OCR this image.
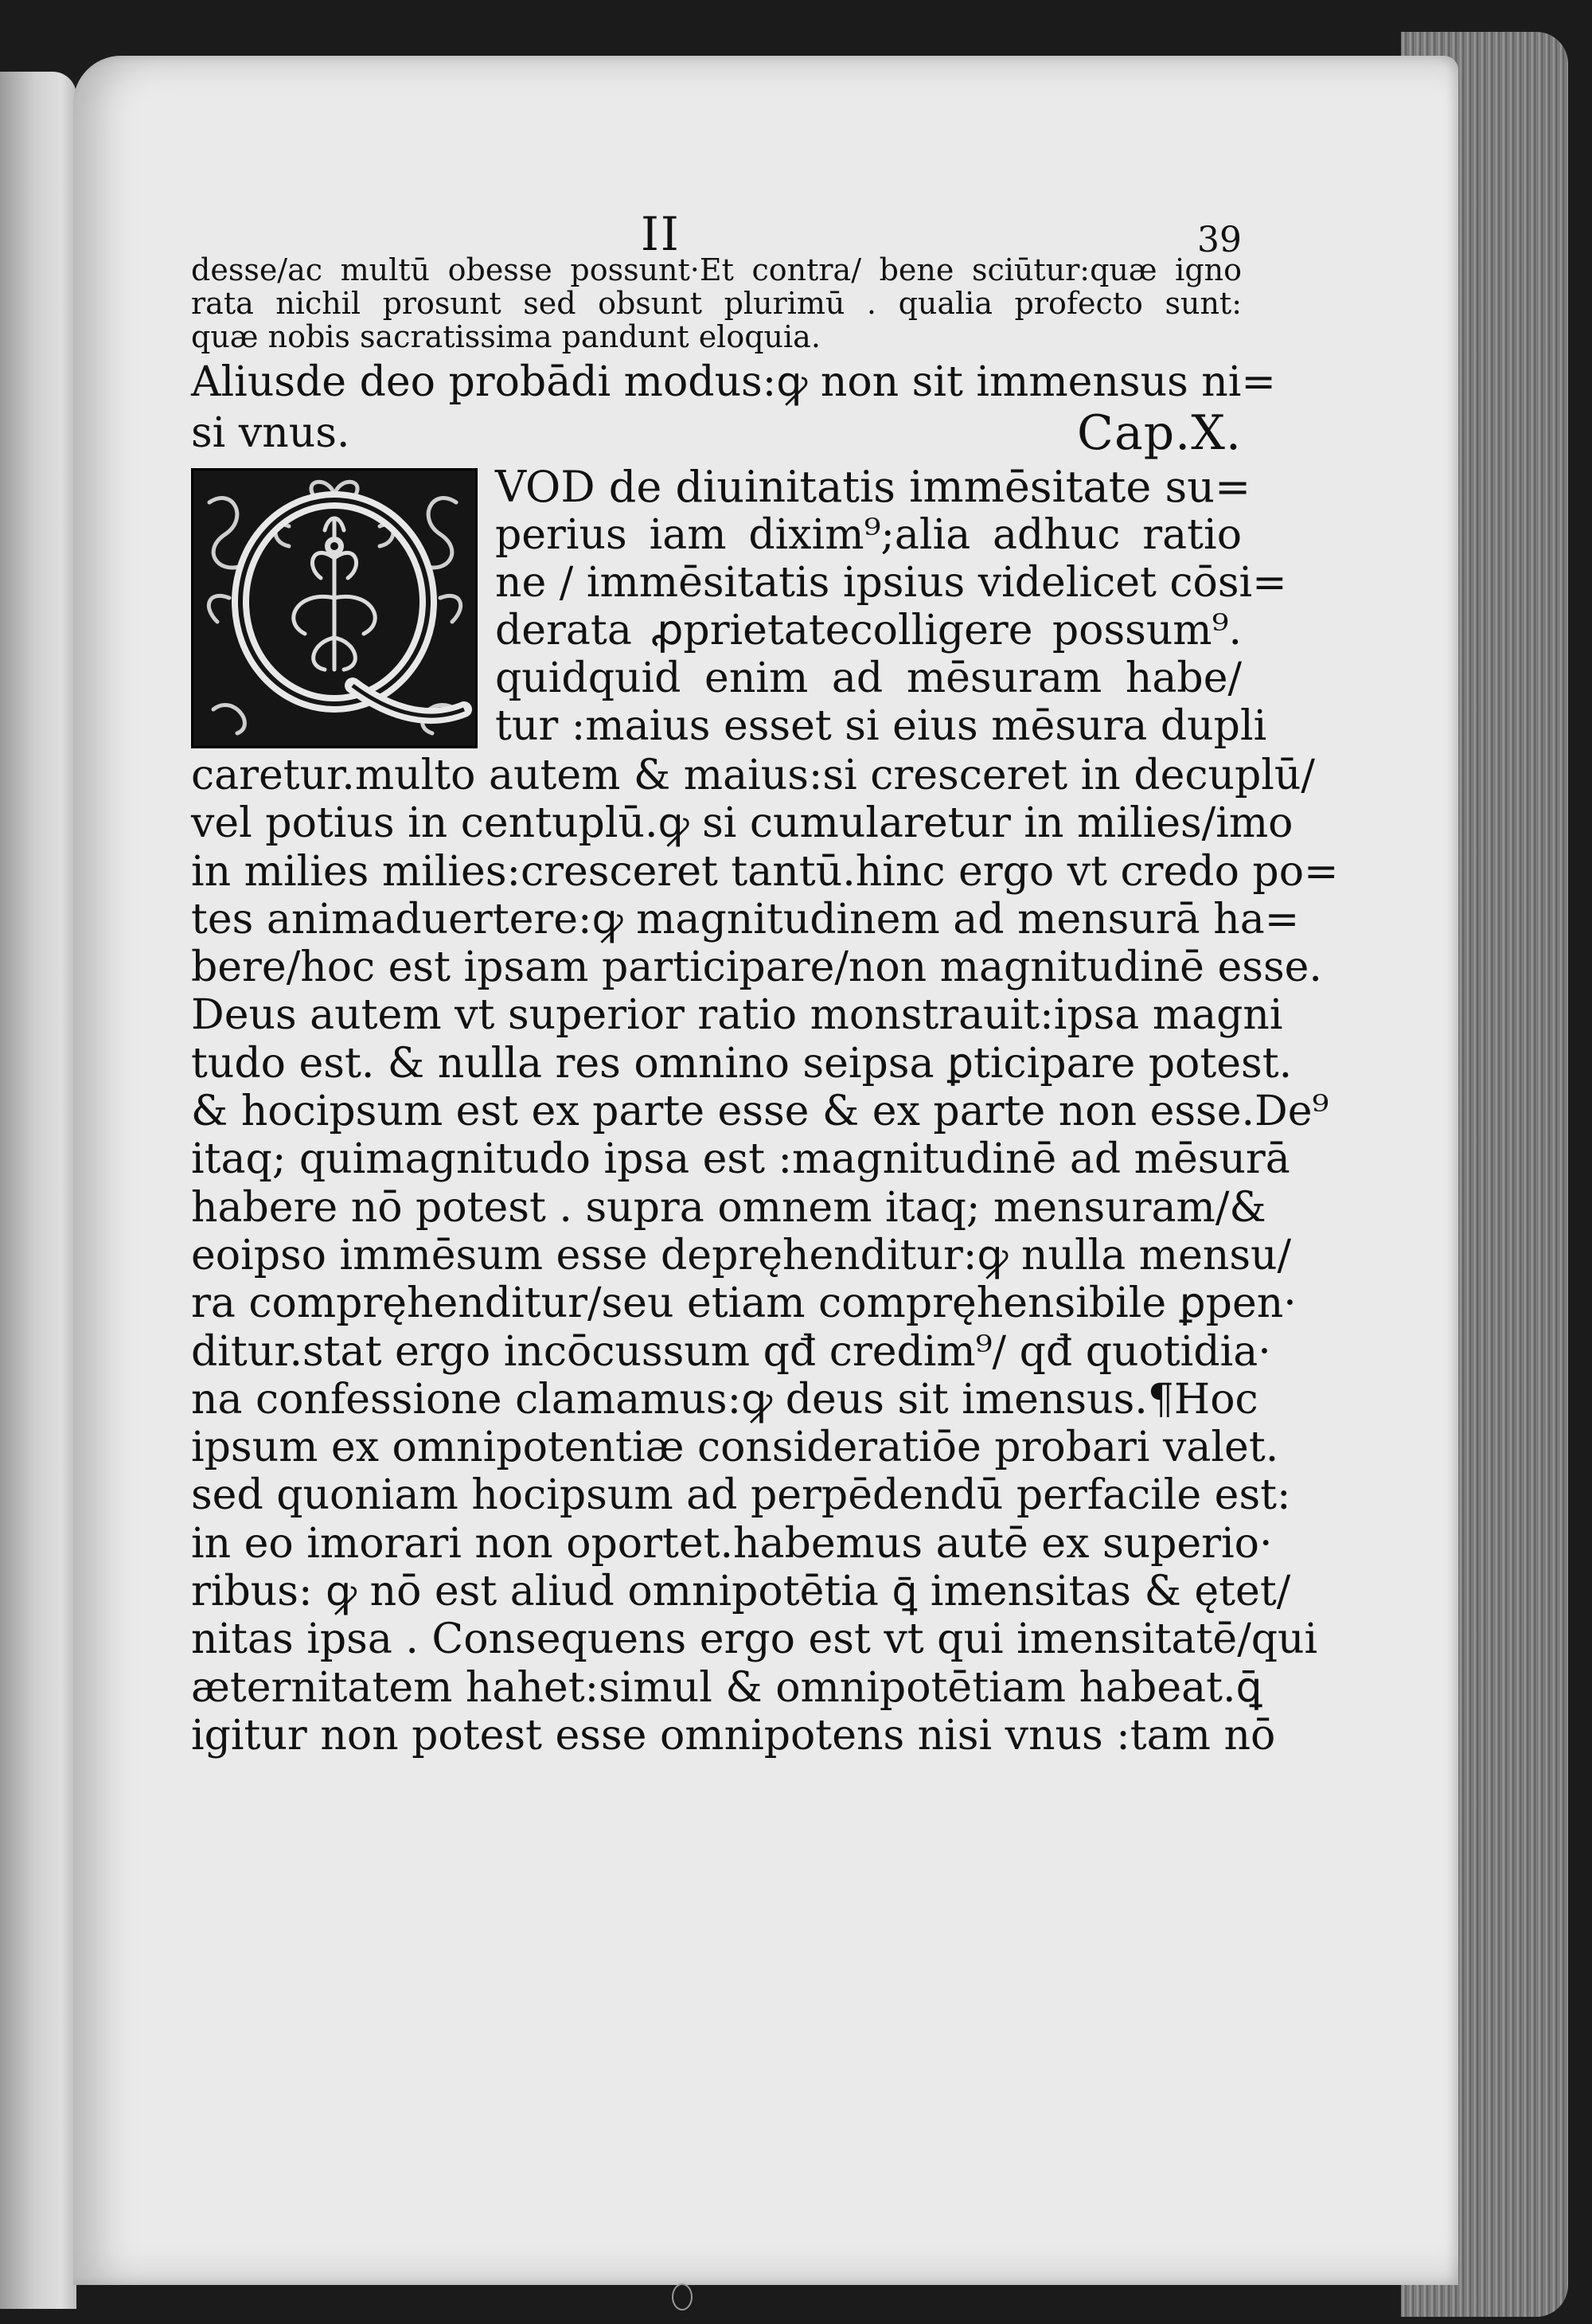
II	39
desse/ac multū obesse possunt·Et contra/ bene sciūtur:quæ igno
rata nichil prosunt sed obsunt plurimū . qualia profecto sunt:
quæ nobis sacratissima pandunt eloquia.
Aliusde deo probādi modus:ꝙ non sit immensus ni=
si vnus.	Cap.X.
VOD de diuinitatis immēsitate su=
perius iam dixim⁹;alia adhuc ratio
ne / immēsitatis ipsius videlicet cōsi=
derata ꝓprietatecolligere possum⁹.
quidquid enim ad mēsuram habe/
tur :maius esset si eius mēsura dupli
caretur.multo autem & maius:si cresceret in decuplū/
vel potius in centuplū.ꝙ si cumularetur in milies/imo
in milies milies:cresceret tantū.hinc ergo vt credo po=
tes animaduertere:ꝙ magnitudinem ad mensurā ha=
bere/hoc est ipsam participare/non magnitudinē esse.
Deus autem vt superior ratio monstrauit:ipsa magni
tudo est. & nulla res omnino seipsa ꝑticipare potest.
& hocipsum est ex parte esse & ex parte non esse.De⁹
itaq; quimagnitudo ipsa est :magnitudinē ad mēsurā
habere nō potest . supra omnem itaq; mensuram/&
eoipso immēsum esse depręhenditur:ꝙ nulla mensu/
ra compręhenditur/seu etiam compręhensibile ꝑpen·
ditur.stat ergo incōcussum qđ credim⁹/ qđ quotidia·
na confessione clamamus:ꝙ deus sit imensus.¶Hoc
ipsum ex omnipotentiæ consideratiōe probari valet.
sed quoniam hocipsum ad perpēdendū perfacile est:
in eo imorari non oportet.habemus autē ex superio·
ribus: ꝙ nō est aliud omnipotētia ꝗ̄ imensitas & ętet/
nitas ipsa . Consequens ergo est vt qui imensitatē/qui
æternitatem hahet:simul & omnipotētiam habeat.ꝗ̄
igitur non potest esse omnipotens nisi vnus :tam nō
